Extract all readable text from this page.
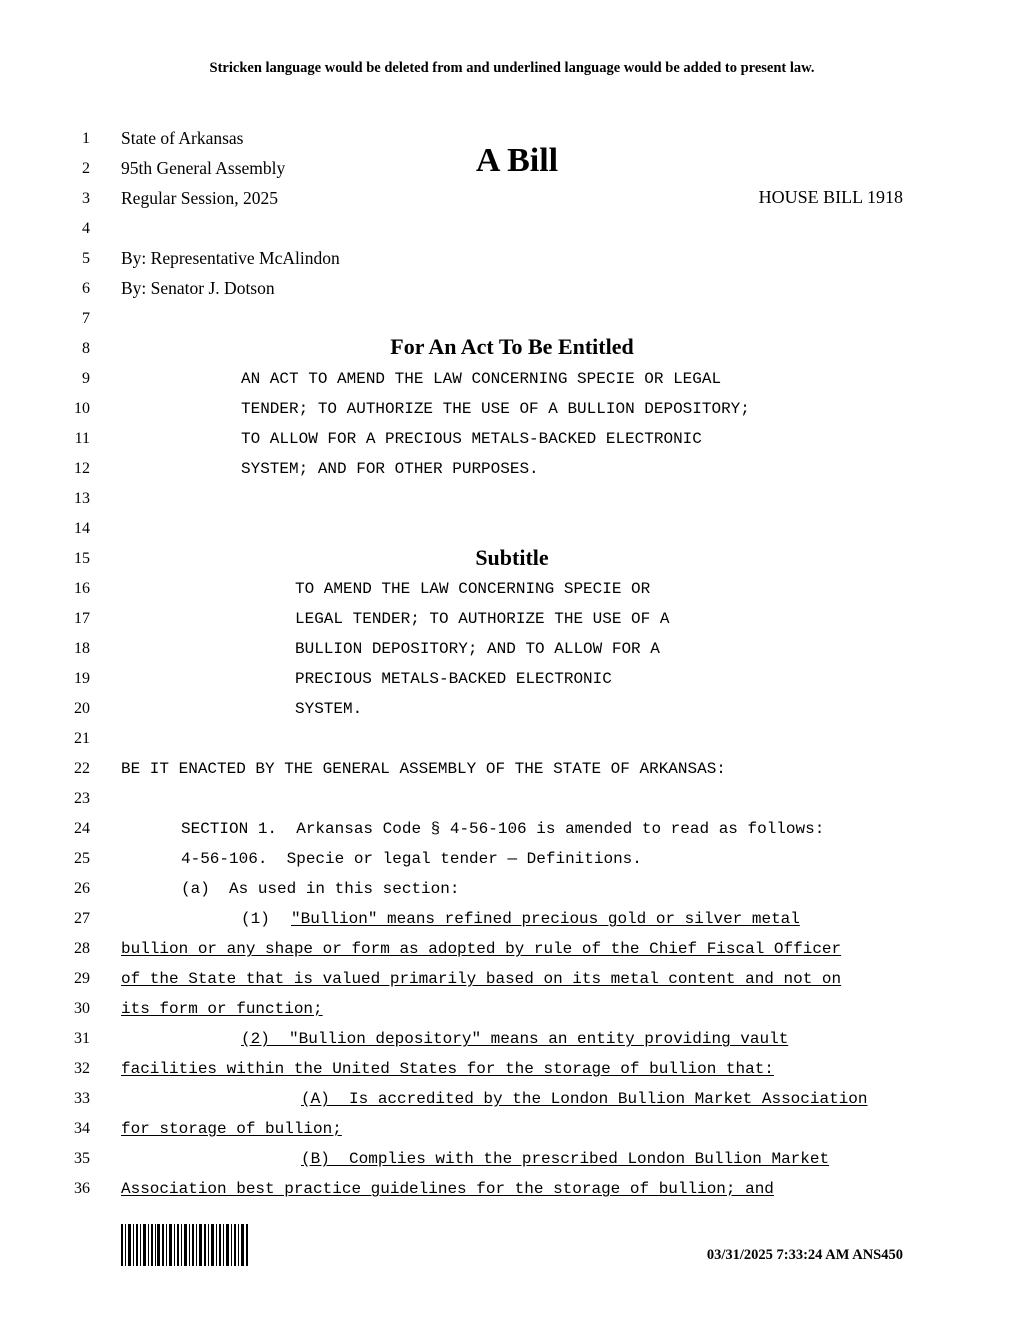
Stricken language would be deleted from and underlined language would be added to present law.
1
2
3
4
5
6
7
8
9
10
11
12
13
14
15
16
17
18
19
20
21
22
23
24
25
26
27
28
29
30
31
32
33
34
35
36
State of Arkansas
95th General Assembly	A Bill
Regular Session, 2025	HOUSE BILL 1918
By: Representative McAlindon
By: Senator J. Dotson
For An Act To Be Entitled
AN ACT TO AMEND THE LAW CONCERNING SPECIE OR LEGAL
TENDER; TO AUTHORIZE THE USE OF A BULLION DEPOSITORY;
TO ALLOW FOR A PRECIOUS METALS-BACKED ELECTRONIC
SYSTEM; AND FOR OTHER PURPOSES.
Subtitle
TO AMEND THE LAW CONCERNING SPECIE OR
LEGAL TENDER; TO AUTHORIZE THE USE OF A
BULLION DEPOSITORY; AND TO ALLOW FOR A
PRECIOUS METALS-BACKED ELECTRONIC
SYSTEM.
BE IT ENACTED BY THE GENERAL ASSEMBLY OF THE STATE OF ARKANSAS:
SECTION 1.  Arkansas Code § 4-56-106 is amended to read as follows:
4-56-106.  Specie or legal tender — Definitions.
(a)  As used in this section:
(1) "Bullion" means refined precious gold or silver metal
bullion or any shape or form as adopted by rule of the Chief Fiscal Officer
of the State that is valued primarily based on its metal content and not on
its form or function;
(2)  "Bullion depository" means an entity providing vault
facilities within the United States for the storage of bullion that:
(A)  Is accredited by the London Bullion Market Association
for storage of bullion;
(B)  Complies with the prescribed London Bullion Market
Association best practice guidelines for the storage of bullion; and
03/31/2025 7:33:24 AM ANS450
